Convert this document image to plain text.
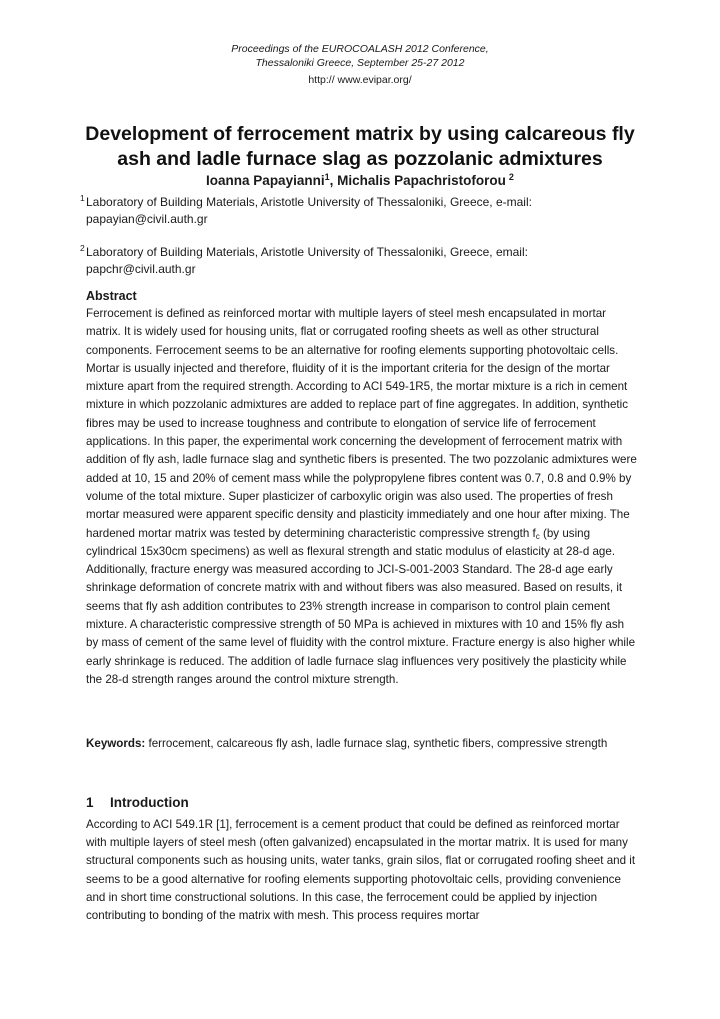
Proceedings of the EUROCOALASH 2012 Conference,
Thessaloniki Greece, September 25-27 2012
http:// www.evipar.org/
Development of ferrocement matrix by using calcareous fly
ash and ladle furnace slag as pozzolanic admixtures
Ioanna Papayianni$^1$, Michalis Papachristoforou $^2$
1 Laboratory of Building Materials, Aristotle University of Thessaloniki, Greece, e-mail:
papayian@civil.auth.gr
2 Laboratory of Building Materials, Aristotle University of Thessaloniki, Greece, email:
papchr@civil.auth.gr
Abstract

Ferrocement is defined as reinforced mortar with multiple layers of steel mesh encapsulated in mortar matrix. It is widely used for housing units, flat or corrugated roofing sheets as well as other structural components. Ferrocement seems to be an alternative for roofing elements supporting photovoltaic cells. Mortar is usually injected and therefore, fluidity of it is the important criteria for the design of the mortar mixture apart from the required strength. According to ACI 549-1R5, the mortar mixture is a rich in cement mixture in which pozzolanic admixtures are added to replace part of fine aggregates. In addition, synthetic fibres may be used to increase toughness and contribute to elongation of service life of ferrocement applications. In this paper, the experimental work concerning the development of ferrocement matrix with addition of fly ash, ladle furnace slag and synthetic fibers is presented. The two pozzolanic admixtures were added at 10, 15 and 20% of cement mass while the polypropylene fibres content was 0.7, 0.8 and 0.9% by volume of the total mixture. Super plasticizer of carboxylic origin was also used. The properties of fresh mortar measured were apparent specific density and plasticity immediately and one hour after mixing. The hardened mortar matrix was tested by determining characteristic compressive strength $f_c$ (by using cylindrical 15x30cm specimens) as well as flexural strength and static modulus of elasticity at 28-d age. Additionally, fracture energy was measured according to JCI-S-001-2003 Standard. The 28-d age early shrinkage deformation of concrete matrix with and without fibers was also measured. Based on results, it seems that fly ash addition contributes to 23% strength increase in comparison to control plain cement mixture. A characteristic compressive strength of 50 MPa is achieved in mixtures with 10 and 15% fly ash by mass of cement of the same level of fluidity with the control mixture. Fracture energy is also higher while early shrinkage is reduced. The addition of ladle furnace slag influences very positively the plasticity while the 28-d strength ranges around the control mixture strength.

Keywords: ferrocement, calcareous fly ash, ladle furnace slag, synthetic fibers, compressive strength
1 Introduction

According to ACI 549.1R [1], ferrocement is a cement product that could be defined as reinforced mortar with multiple layers of steel mesh (often galvanized) encapsulated in the mortar matrix. It is used for many structural components such as housing units, water tanks, grain silos, flat or corrugated roofing sheet and it seems to be a good alternative for roofing elements supporting photovoltaic cells, providing convenience and in short time constructional solutions. In this case, the ferrocement could be applied by injection contributing to bonding of the matrix with mesh. This process requires mortar
